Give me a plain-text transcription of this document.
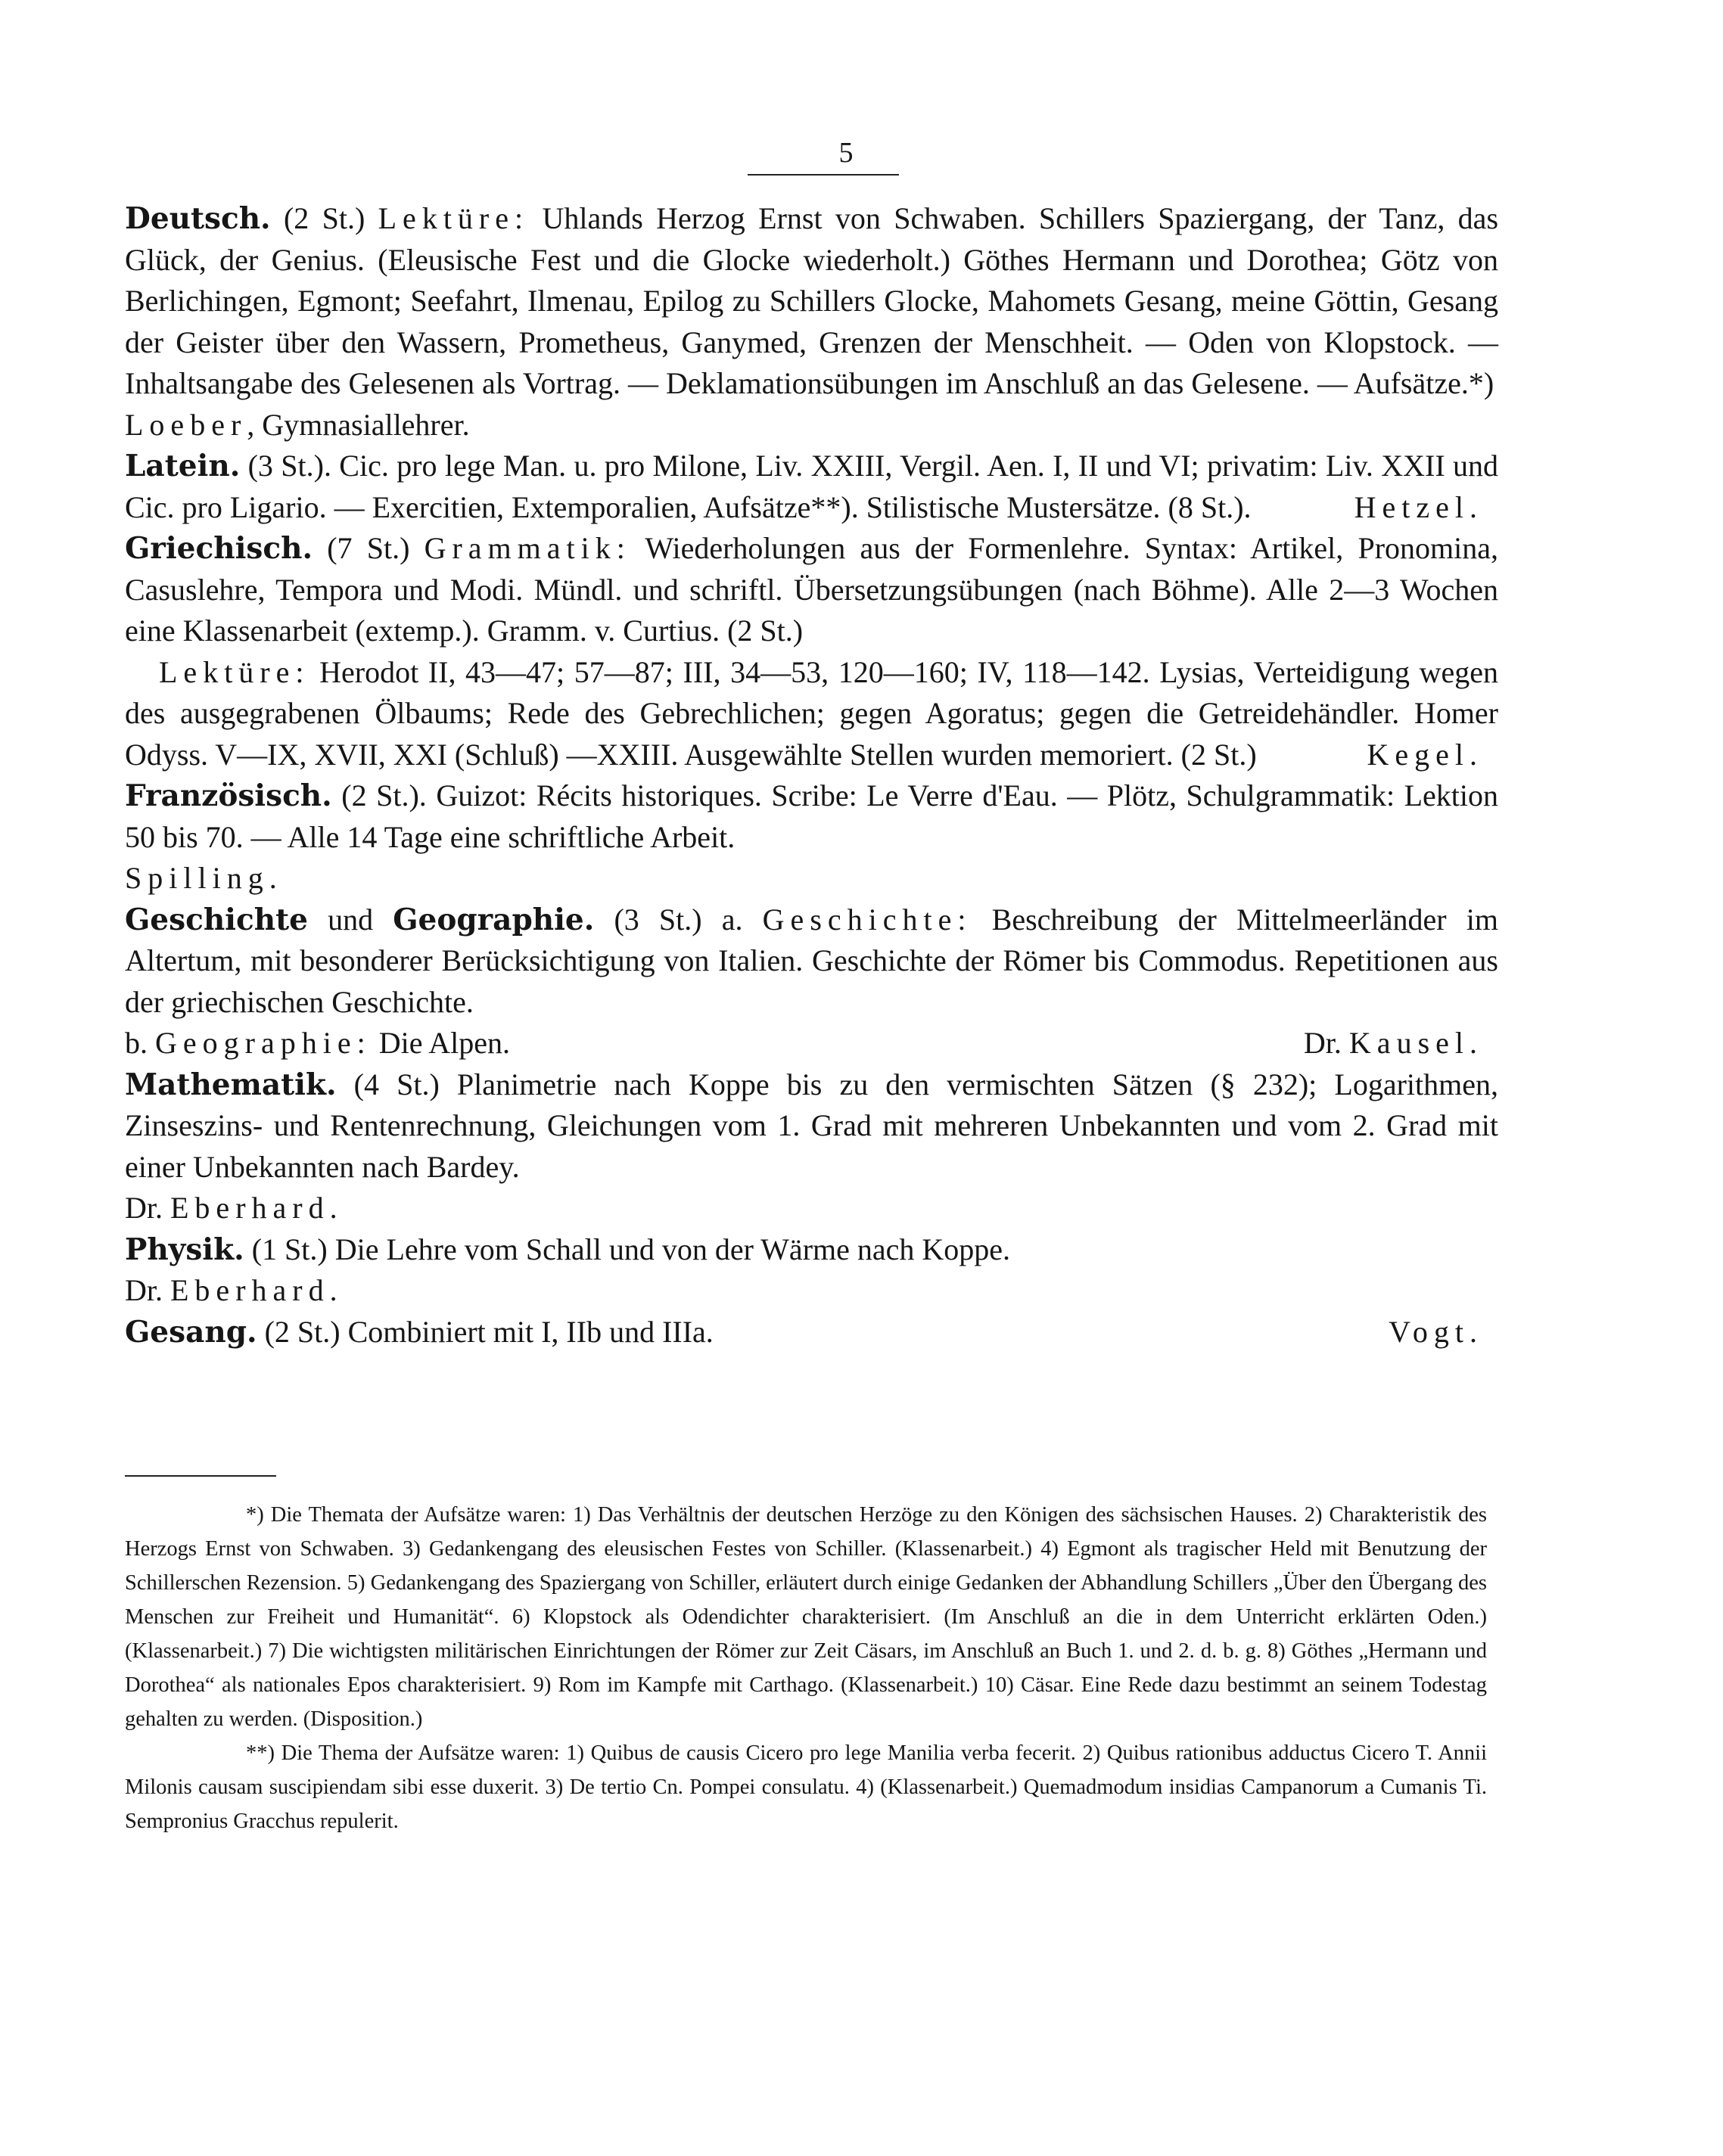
5

Deutsch. (2 St.) Lektüre: Uhlands Herzog Ernst von Schwaben. Schillers Spaziergang, der Tanz, das Glück, der Genius. (Eleusische Fest und die Glocke wiederholt.) Göthes Hermann und Dorothea; Götz von Berlichingen, Egmont; Seefahrt, Ilmenau, Epilog zu Schillers Glocke, Mahomets Gesang, meine Göttin, Gesang der Geister über den Wassern, Prometheus, Ganymed, Grenzen der Menschheit. — Oden von Klopstock. — Inhaltsangabe des Gelesenen als Vortrag. — Deklamationsübungen im Anschluß an das Gelesene. — Aufsätze.*)

Loeber, Gymnasiallehrer.

Latein. (3 St.). Cic. pro lege Man. u. pro Milone, Liv. XXIII, Vergil. Aen. I, II und VI; privatim: Liv. XXII und Cic. pro Ligario. — Exercitien, Extemporalien, Aufsätze**). Stilistische Mustersätze. (8 St.).	Hetzel.

Griechisch. (7 St.) Grammatik: Wiederholungen aus der Formenlehre. Syntax: Artikel, Pronomina, Casuslehre, Tempora und Modi. Mündl. und schriftl. Übersetzungsübungen (nach Böhme). Alle 2—3 Wochen eine Klassenarbeit (extemp.). Gramm. v. Curtius. (2 St.)

Lektüre: Herodot II, 43—47; 57—87; III, 34—53, 120—160; IV, 118—142. Lysias, Verteidigung wegen des ausgegrabenen Ölbaums; Rede des Gebrechlichen; gegen Agoratus; gegen die Getreidehändler. Homer Odyss. V—IX, XVII, XXI (Schluß) —XXIII. Ausgewählte Stellen wurden memoriert. (2 St.)	Kegel.

Französisch. (2 St.). Guizot: Récits historiques. Scribe: Le Verre d'Eau. — Plötz, Schulgrammatik: Lektion 50 bis 70. — Alle 14 Tage eine schriftliche Arbeit.

Spilling.

Geschichte und Geographie. (3 St.) a. Geschichte: Beschreibung der Mittelmeerländer im Altertum, mit besonderer Berücksichtigung von Italien. Geschichte der Römer bis Commodus. Repetitionen aus der griechischen Geschichte.

b. Geographie: Die Alpen.	Dr. Kausel.

Mathematik. (4 St.) Planimetrie nach Koppe bis zu den vermischten Sätzen (§ 232); Logarithmen, Zinseszins- und Rentenrechnung, Gleichungen vom 1. Grad mit mehreren Unbekannten und vom 2. Grad mit einer Unbekannten nach Bardey.

Dr. Eberhard.

Physik. (1 St.) Die Lehre vom Schall und von der Wärme nach Koppe.

Dr. Eberhard.

Gesang. (2 St.) Combiniert mit I, IIb und IIIa.	Vogt.

*) Die Themata der Aufsätze waren: 1) Das Verhältnis der deutschen Herzöge zu den Königen des sächsischen Hauses. 2) Charakteristik des Herzogs Ernst von Schwaben. 3) Gedankengang des eleusischen Festes von Schiller. (Klassenarbeit.) 4) Egmont als tragischer Held mit Benutzung der Schillerschen Rezension. 5) Gedankengang des Spaziergang von Schiller, erläutert durch einige Gedanken der Abhandlung Schillers „Über den Übergang des Menschen zur Freiheit und Humanität“. 6) Klopstock als Odendichter charakterisiert. (Im Anschluß an die in dem Unterricht erklärten Oden.) (Klassenarbeit.) 7) Die wichtigsten militärischen Einrichtungen der Römer zur Zeit Cäsars, im Anschluß an Buch 1. und 2. d. b. g. 8) Göthes „Hermann und Dorothea“ als nationales Epos charakterisiert. 9) Rom im Kampfe mit Carthago. (Klassenarbeit.) 10) Cäsar. Eine Rede dazu bestimmt an seinem Todestag gehalten zu werden. (Disposition.)

**) Die Thema der Aufsätze waren: 1) Quibus de causis Cicero pro lege Manilia verba fecerit. 2) Quibus rationibus adductus Cicero T. Annii Milonis causam suscipiendam sibi esse duxerit. 3) De tertio Cn. Pompei consulatu. 4) (Klassenarbeit.) Quemadmodum insidias Campanorum a Cumanis Ti. Sempronius Gracchus repulerit.
